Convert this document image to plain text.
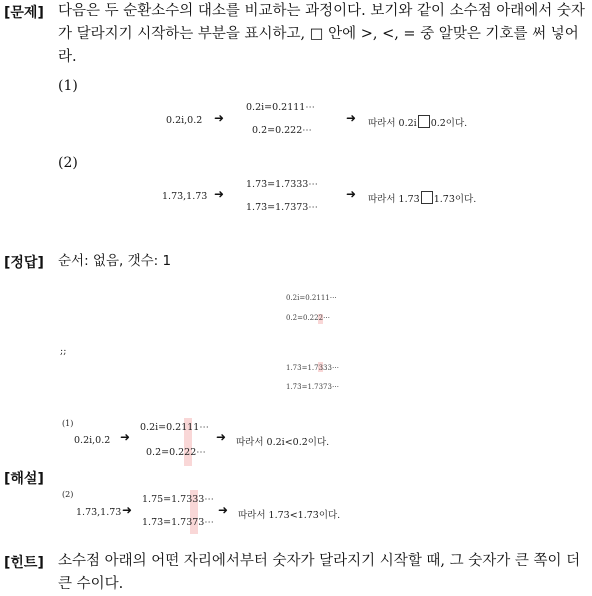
[문제] 다음은 두 순환소수의 대소를 비교하는 과정이다. 보기와 같이 소수점 아래에서 숫자가 달라지기 시작하는 부분을 표시하고, □ 안에 >, <, = 중 알맞은 기호를 써 넣어라.
(1)
0.2i̇,0.2̇ ➜
0.2i̇=0.2111⋯
0.2̇=0.222⋯
➜ 따라서 0.2i̇ 0.2̇이다.
(2)
1.73̇,1.7̇3̇ ➜
1.73̇=1.7333⋯
1.7̇3̇=1.7373⋯
➜ 따라서 1.73̇ 1.7̇3̇이다.
[정답] 순서: 없음, 갯수: 1
0.2i̇=0.2111⋯
0.2̇=0.222⋯
;;
1.73̇=1.7333⋯
1.7̇3̇=1.7373⋯
[해설]
(1)
0.2i̇,0.2̇ ➜
0.2i̇=0.2111⋯
0.2̇=0.222⋯
➜ 따라서 0.2i̇<0.2̇이다.
(2)
1.73̇,1.7̇3̇ ➜
1.75̇=1.7333⋯
1.7̇3̇=1.7373⋯
➜ 따라서 1.73̇<1.7̇3̇이다.
[힌트] 소수점 아래의 어떤 자리에서부터 숫자가 달라지기 시작할 때, 그 숫자가 큰 쪽이 더 큰 수이다.
